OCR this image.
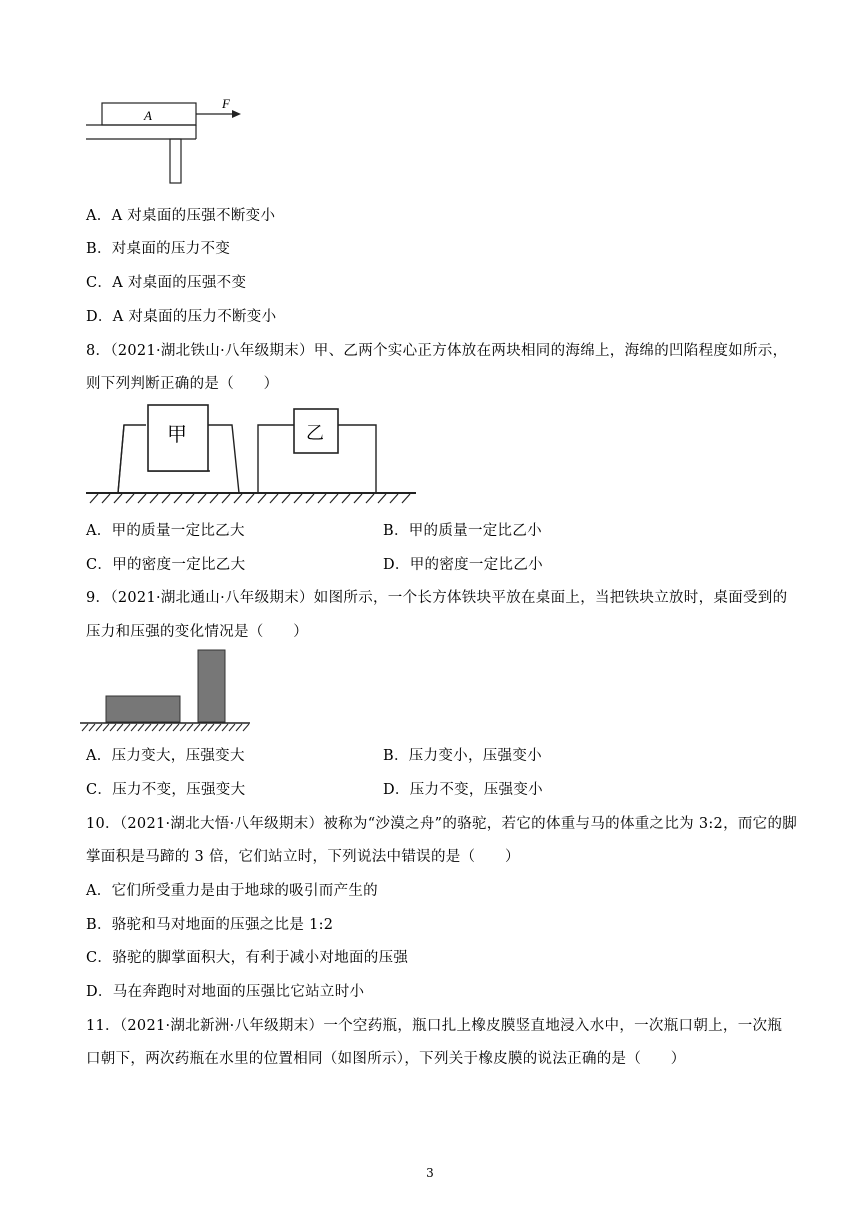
A
F
A．A 对桌面的压强不断变小
B．对桌面的压力不变
C．A 对桌面的压强不变
D．A 对桌面的压力不断变小
8．（2021·湖北铁山·八年级期末）甲、乙两个实心正方体放在两块相同的海绵上，海绵的凹陷程度如所示，
则下列判断正确的是（　　）
甲	乙
A．甲的质量一定比乙大	B．甲的质量一定比乙小
C．甲的密度一定比乙大	D．甲的密度一定比乙小
9．（2021·湖北通山·八年级期末）如图所示，一个长方体铁块平放在桌面上，当把铁块立放时，桌面受到的
压力和压强的变化情况是（　　）
A．压力变大，压强变大	B．压力变小，压强变小
C．压力不变，压强变大	D．压力不变，压强变小
10．（2021·湖北大悟·八年级期末）被称为“沙漠之舟”的骆驼，若它的体重与马的体重之比为 3:2，而它的脚
掌面积是马蹄的 3 倍，它们站立时，下列说法中错误的是（　　）
A．它们所受重力是由于地球的吸引而产生的
B．骆驼和马对地面的压强之比是 1:2
C．骆驼的脚掌面积大，有利于减小对地面的压强
D．马在奔跑时对地面的压强比它站立时小
11．（2021·湖北新洲·八年级期末）一个空药瓶，瓶口扎上橡皮膜竖直地浸入水中，一次瓶口朝上，一次瓶
口朝下，两次药瓶在水里的位置相同（如图所示），下列关于橡皮膜的说法正确的是（　　）
3
